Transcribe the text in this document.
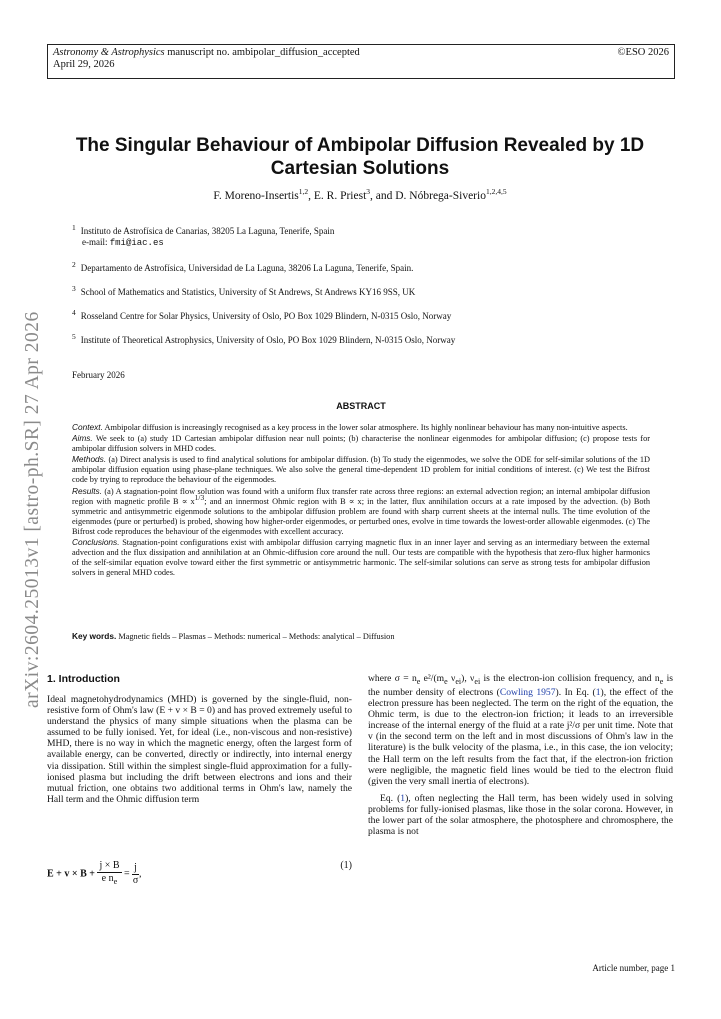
Astronomy & Astrophysics manuscript no. ambipolar_diffusion_accepted
April 29, 2026
©ESO 2026
arXiv:2604.25013v1 [astro-ph.SR] 27 Apr 2026
The Singular Behaviour of Ambipolar Diffusion Revealed by 1D Cartesian Solutions
F. Moreno-Insertis$^{1,2}$, E. R. Priest$^3$, and D. Nóbrega-Siverio$^{1,2,4,5}$
$^1$ Instituto de Astrofísica de Canarias, 38205 La Laguna, Tenerife, Spain
e-mail: fmi@iac.es
$^2$ Departamento de Astrofísica, Universidad de La Laguna, 38206 La Laguna, Tenerife, Spain.
$^3$ School of Mathematics and Statistics, University of St Andrews, St Andrews KY16 9SS, UK
$^4$ Rosseland Centre for Solar Physics, University of Oslo, PO Box 1029 Blindern, N-0315 Oslo, Norway
$^5$ Institute of Theoretical Astrophysics, University of Oslo, PO Box 1029 Blindern, N-0315 Oslo, Norway
February 2026
ABSTRACT

Context. Ambipolar diffusion is increasingly recognised as a key process in the lower solar atmosphere. Its highly nonlinear behaviour has many non-intuitive aspects.

Aims. We seek to (a) study 1D Cartesian ambipolar diffusion near null points; (b) characterise the nonlinear eigenmodes for ambipolar diffusion; (c) propose tests for ambipolar diffusion solvers in MHD codes.

Methods. (a) Direct analysis is used to find analytical solutions for ambipolar diffusion. (b) To study the eigenmodes, we solve the ODE for self-similar solutions of the 1D ambipolar diffusion equation using phase-plane techniques. We also solve the general time-dependent 1D problem for initial conditions of interest. (c) We test the Bifrost code by trying to reproduce the behaviour of the eigenmodes.

Results. (a) A stagnation-point flow solution was found with a uniform flux transfer rate across three regions: an external advection region; an internal ambipolar diffusion region with magnetic profile $B \propto x^{1/3}$; and an innermost Ohmic region with B ∝ x; in the latter, flux annihilation occurs at a rate imposed by the advection. (b) Both symmetric and antisymmetric eigenmode solutions to the ambipolar diffusion problem are found with sharp current sheets at the internal nulls. The time evolution of the eigenmodes (pure or perturbed) is probed, showing how higher-order eigenmodes, or perturbed ones, evolve in time towards the lowest-order allowable eigenmodes. (c) The Bifrost code reproduces the behaviour of the eigenmodes with excellent accuracy.

Conclusions. Stagnation-point configurations exist with ambipolar diffusion carrying magnetic flux in an inner layer and serving as an intermediary between the external advection and the flux dissipation and annihilation at an Ohmic-diffusion core around the null. Our tests are compatible with the hypothesis that zero-flux higher harmonics of the self-similar equation evolve toward either the first symmetric or antisymmetric harmonic. The self-similar solutions can serve as strong tests for ambipolar diffusion solvers in general MHD codes.

Key words. Magnetic fields – Plasmas – Methods: numerical – Methods: analytical – Diffusion
1. Introduction

Ideal magnetohydrodynamics (MHD) is governed by the single-fluid, non-resistive form of Ohm's law (E + v × B = 0) and has proved extremely useful to understand the physics of many simple situations when the plasma can be assumed to be fully ionised. Yet, for ideal (i.e., non-viscous and non-resistive) MHD, there is no way in which the magnetic energy, often the largest form of available energy, can be converted, directly or indirectly, into internal energy via dissipation. Still within the simplest single-fluid approximation for a fully-ionised plasma but including the drift between electrons and ions and their mutual friction, one obtains two additional terms in Ohm's law, namely the Hall term and the Ohmic diffusion term

$E + v \times B + \frac{j \times B}{e n_e} = \frac{j}{\sigma}$ ,
(1)

where $\sigma = n_e$ $e^2/(m_e$ $\nu_{ei}$), $\nu_{ei}$ is the electron-ion collision frequency, and $n_e$ is the number density of electrons (Cowling 1957). In Eq. (1), the effect of the electron pressure has been neglected. The term on the right of the equation, the Ohmic term, is due to the electron-ion friction; it leads to an irreversible increase of the internal energy of the fluid at a rate j²/σ per unit time. Note that v (in the second term on the left and in most discussions of Ohm's law in the literature) is the bulk velocity of the plasma, i.e., in this case, the ion velocity; the Hall term on the left results from the fact that, if the electron-ion friction were negligible, the magnetic field lines would be tied to the electron fluid (given the very small inertia of electrons).

Eq. (1), often neglecting the Hall term, has been widely used in solving problems for fully-ionised plasmas, like those in the solar corona. However, in the lower part of the solar atmosphere, the photosphere and chromosphere, the plasma is not

Article number, page 1
